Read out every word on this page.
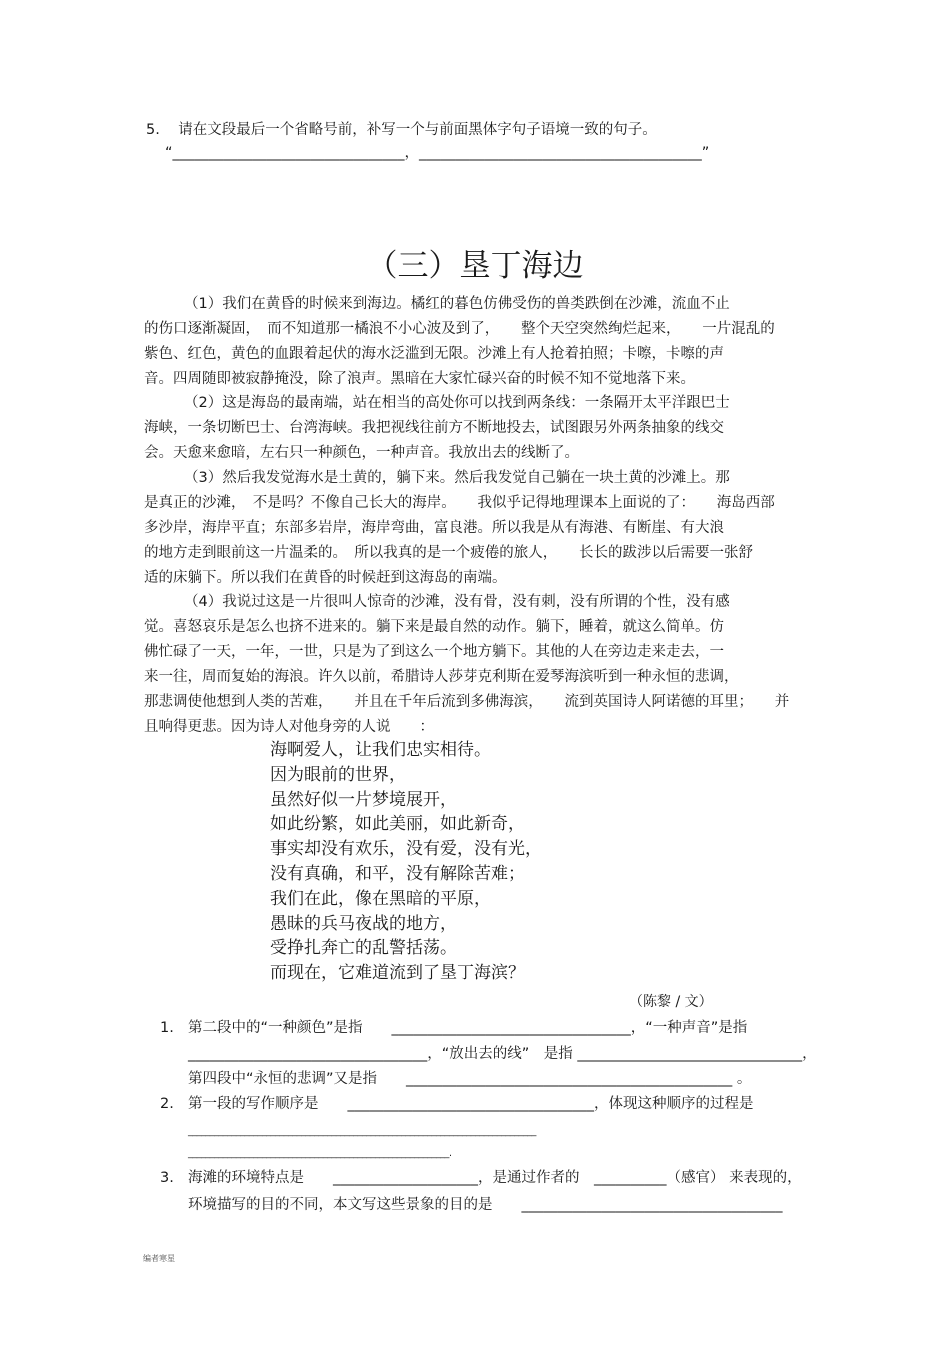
5. 请在文段最后一个省略号前，补写一个与前面黑体字句子语境一致的句子。
“________________________________，_______________________________________”
（三）垦丁海边

（1）我们在黄昏的时候来到海边。橘红的暮色仿佛受伤的兽类跌倒在沙滩，流血不止
的伤口逐渐凝固，　而不知道那一橘浪不小心波及到了，　　整个天空突然绚烂起来，　　一片混乱的
紫色、红色，黄色的血跟着起伏的海水泛滥到无限。沙滩上有人抢着拍照；卡嚓，卡嚓的声
音。四周随即被寂静掩没，除了浪声。黑暗在大家忙碌兴奋的时候不知不觉地落下来。

（2）这是海岛的最南端，站在相当的高处你可以找到两条线：一条隔开太平洋跟巴士
海峡，一条切断巴士、台湾海峡。我把视线往前方不断地投去，试图跟另外两条抽象的线交
会。天愈来愈暗，左右只一种颜色，一种声音。我放出去的线断了。

（3）然后我发觉海水是土黄的，躺下来。然后我发觉自己躺在一块土黄的沙滩上。那
是真正的沙滩，　不是吗？不像自己长大的海岸。　　我似乎记得地理课本上面说的了：　　海岛西部
多沙岸，海岸平直；东部多岩岸，海岸弯曲，富良港。所以我是从有海港、有断崖、有大浪
的地方走到眼前这一片温柔的。　所以我真的是一个疲倦的旅人，　　长长的跋涉以后需要一张舒
适的床躺下。所以我们在黄昏的时候赶到这海岛的南端。

（4）我说过这是一片很叫人惊奇的沙滩，没有骨，没有刺，没有所谓的个性，没有感
觉。喜怒哀乐是怎么也挤不进来的。躺下来是最自然的动作。躺下，睡着，就这么简单。仿
佛忙碌了一天，一年，一世，只是为了到这么一个地方躺下。其他的人在旁边走来走去，一
来一往，周而复始的海浪。许久以前，希腊诗人莎芽克利斯在爱琴海滨听到一种永恒的悲调，
那悲调使他想到人类的苦难，　　并且在千年后流到多佛海滨，　　流到英国诗人阿诺德的耳里；　　并
且响得更悲。因为诗人对他身旁的人说　　：

海啊爱人，让我们忠实相待。
因为眼前的世界，
虽然好似一片梦境展开，
如此纷繁，如此美丽，如此新奇，
事实却没有欢乐，没有爱，没有光，
没有真确，和平，没有解除苦难；
我们在此，像在黑暗的平原，
愚昧的兵马夜战的地方，
受挣扎奔亡的乱警括荡。
而现在，它难道流到了垦丁海滨？
（陈黎 / 文）
1. 第二段中的“一种颜色”是指　　_________________________________，“一种声音”是指
_________________________________，“放出去的线”　是指 _______________________________，
第四段中“永恒的悲调”又是指　　_____________________________________________ 。
2. 第一段的写作顺序是　　__________________________________，体现这种顺序的过程是
________________________________________________________________________________
____________________________________________________________.
3. 海滩的环境特点是　　____________________，是通过作者的　__________（感官） 来表现的，
环境描写的目的不同，本文写这些景象的目的是　　____________________________________
编者寒星
